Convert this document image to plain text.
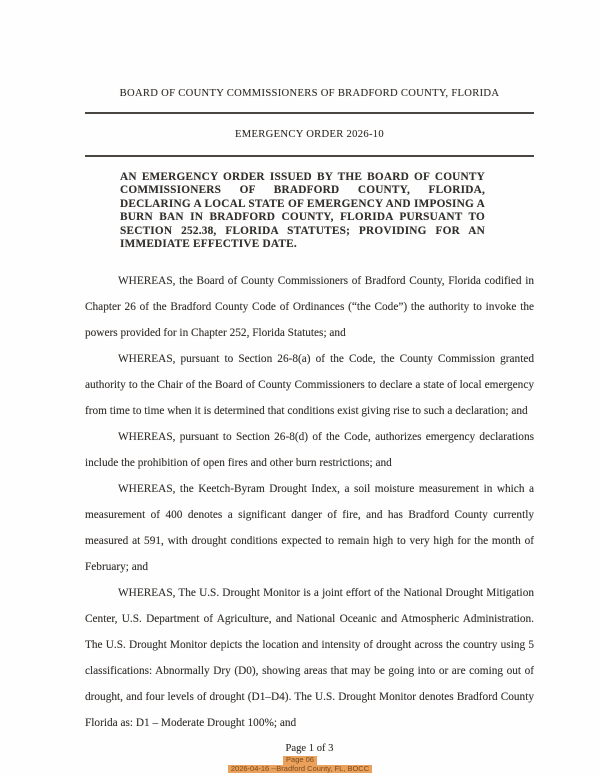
BOARD OF COUNTY COMMISSIONERS OF BRADFORD COUNTY, FLORIDA
EMERGENCY ORDER 2026-10
AN EMERGENCY ORDER ISSUED BY THE BOARD OF COUNTY COMMISSIONERS OF BRADFORD COUNTY, FLORIDA, DECLARING A LOCAL STATE OF EMERGENCY AND IMPOSING A BURN BAN IN BRADFORD COUNTY, FLORIDA PURSUANT TO SECTION 252.38, FLORIDA STATUTES; PROVIDING FOR AN IMMEDIATE EFFECTIVE DATE.

WHEREAS, the Board of County Commissioners of Bradford County, Florida codified in Chapter 26 of the Bradford County Code of Ordinances (“the Code”) the authority to invoke the powers provided for in Chapter 252, Florida Statutes; and

WHEREAS, pursuant to Section 26-8(a) of the Code, the County Commission granted authority to the Chair of the Board of County Commissioners to declare a state of local emergency from time to time when it is determined that conditions exist giving rise to such a declaration; and

WHEREAS, pursuant to Section 26-8(d) of the Code, authorizes emergency declarations include the prohibition of open fires and other burn restrictions; and

WHEREAS, the Keetch-Byram Drought Index, a soil moisture measurement in which a measurement of 400 denotes a significant danger of fire, and has Bradford County currently measured at 591, with drought conditions expected to remain high to very high for the month of February; and

WHEREAS, The U.S. Drought Monitor is a joint effort of the National Drought Mitigation Center, U.S. Department of Agriculture, and National Oceanic and Atmospheric Administration. The U.S. Drought Monitor depicts the location and intensity of drought across the country using 5 classifications: Abnormally Dry (D0), showing areas that may be going into or are coming out of drought, and four levels of drought (D1–D4). The U.S. Drought Monitor denotes Bradford County Florida as: D1 – Moderate Drought 100%; and

Page 1 of 3
Page 06
2026-04-16 --Bradford County, FL, BOCC
